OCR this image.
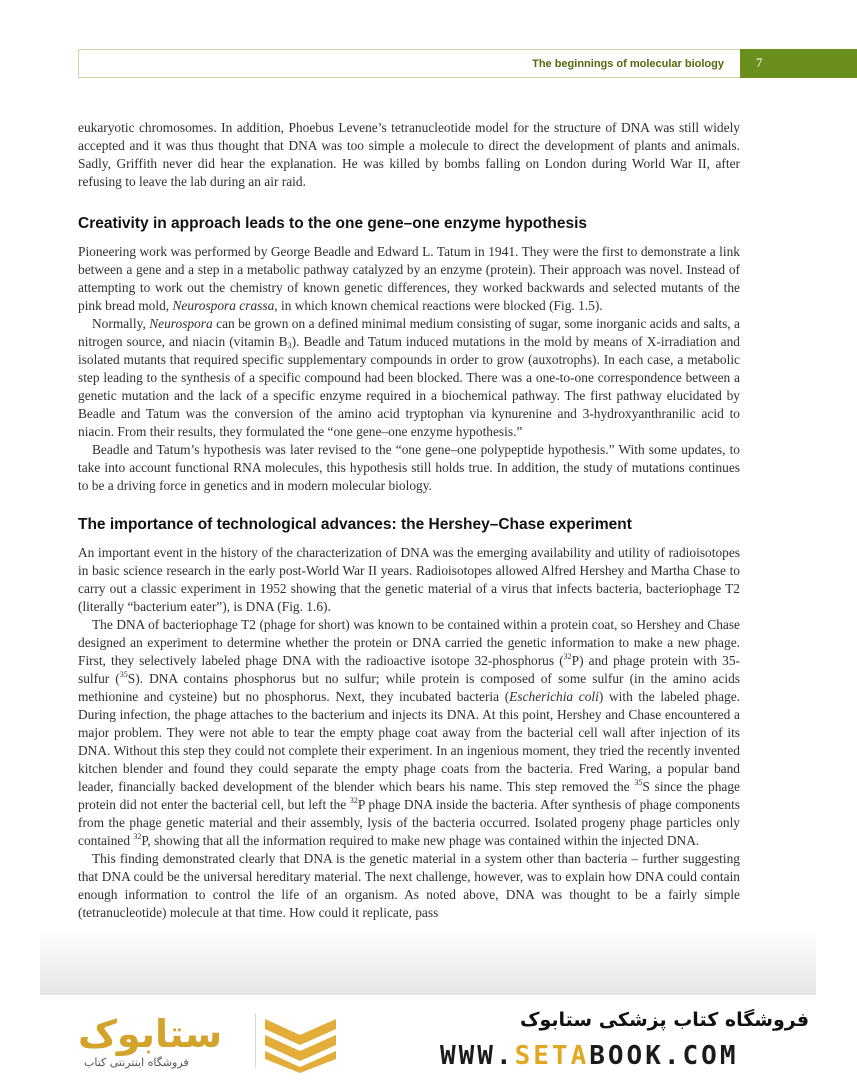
The beginnings of molecular biology 7

eukaryotic chromosomes. In addition, Phoebus Levene’s tetranucleotide model for the structure of DNA was still widely accepted and it was thus thought that DNA was too simple a molecule to direct the development of plants and animals. Sadly, Griffith never did hear the explanation. He was killed by bombs falling on London during World War II, after refusing to leave the lab during an air raid.

Creativity in approach leads to the one gene–one enzyme hypothesis

Pioneering work was performed by George Beadle and Edward L. Tatum in 1941. They were the first to demonstrate a link between a gene and a step in a metabolic pathway catalyzed by an enzyme (protein). Their approach was novel. Instead of attempting to work out the chemistry of known genetic differences, they worked backwards and selected mutants of the pink bread mold, Neurospora crassa, in which known chemical reactions were blocked (Fig. 1.5).

Normally, Neurospora can be grown on a defined minimal medium consisting of sugar, some inorganic acids and salts, a nitrogen source, and niacin (vitamin $B_3$). Beadle and Tatum induced mutations in the mold by means of X-irradiation and isolated mutants that required specific supplementary compounds in order to grow (auxotrophs). In each case, a metabolic step leading to the synthesis of a specific compound had been blocked. There was a one-to-one correspondence between a genetic mutation and the lack of a specific enzyme required in a biochemical pathway. The first pathway elucidated by Beadle and Tatum was the conversion of the amino acid tryptophan via kynurenine and 3-hydroxyanthranilic acid to niacin. From their results, they formulated the “one gene–one enzyme hypothesis.”

Beadle and Tatum’s hypothesis was later revised to the “one gene–one polypeptide hypothesis.” With some updates, to take into account functional RNA molecules, this hypothesis still holds true. In addition, the study of mutations continues to be a driving force in genetics and in modern molecular biology.

The importance of technological advances: the Hershey–Chase experiment

An important event in the history of the characterization of DNA was the emerging availability and utility of radioisotopes in basic science research in the early post-World War II years. Radioisotopes allowed Alfred Hershey and Martha Chase to carry out a classic experiment in 1952 showing that the genetic material of a virus that infects bacteria, bacteriophage T2 (literally “bacterium eater”), is DNA (Fig. 1.6).

The DNA of bacteriophage T2 (phage for short) was known to be contained within a protein coat, so Hershey and Chase designed an experiment to determine whether the protein or DNA carried the genetic information to make a new phage. First, they selectively labeled phage DNA with the radioactive isotope 32-phosphorus ($^{32}$P) and phage protein with 35-sulfur ($^{35}$S). DNA contains phosphorus but no sulfur; while protein is composed of some sulfur (in the amino acids methionine and cysteine) but no phosphorus. Next, they incubated bacteria (Escherichia coli) with the labeled phage. During infection, the phage attaches to the bacterium and injects its DNA. At this point, Hershey and Chase encountered a major problem. They were not able to tear the empty phage coat away from the bacterial cell wall after injection of its DNA. Without this step they could not complete their experiment. In an ingenious moment, they tried the recently invented kitchen blender and found they could separate the empty phage coats from the bacteria. Fred Waring, a popular band leader, financially backed development of the blender which bears his name. This step removed the $^{35}$S since the phage protein did not enter the bacterial cell, but left the $^{32}$P phage DNA inside the bacteria. After synthesis of phage components from the phage genetic material and their assembly, lysis of the bacteria occurred. Isolated progeny phage particles only contained $^{32}$P, showing that all the information required to make new phage was contained within the injected DNA.

This finding demonstrated clearly that DNA is the genetic material in a system other than bacteria – further suggesting that DNA could be the universal hereditary material. The next challenge, however, was to explain how DNA could contain enough information to control the life of an organism. As noted above, DNA was thought to be a fairly simple (tetranucleotide) molecule at that time. How could it replicate, pass

ستابوک
فروشگاه اینترنتی کتاب
فروشگاه کتاب پزشکی ستابوک
WWW.SETABOOK.COM
